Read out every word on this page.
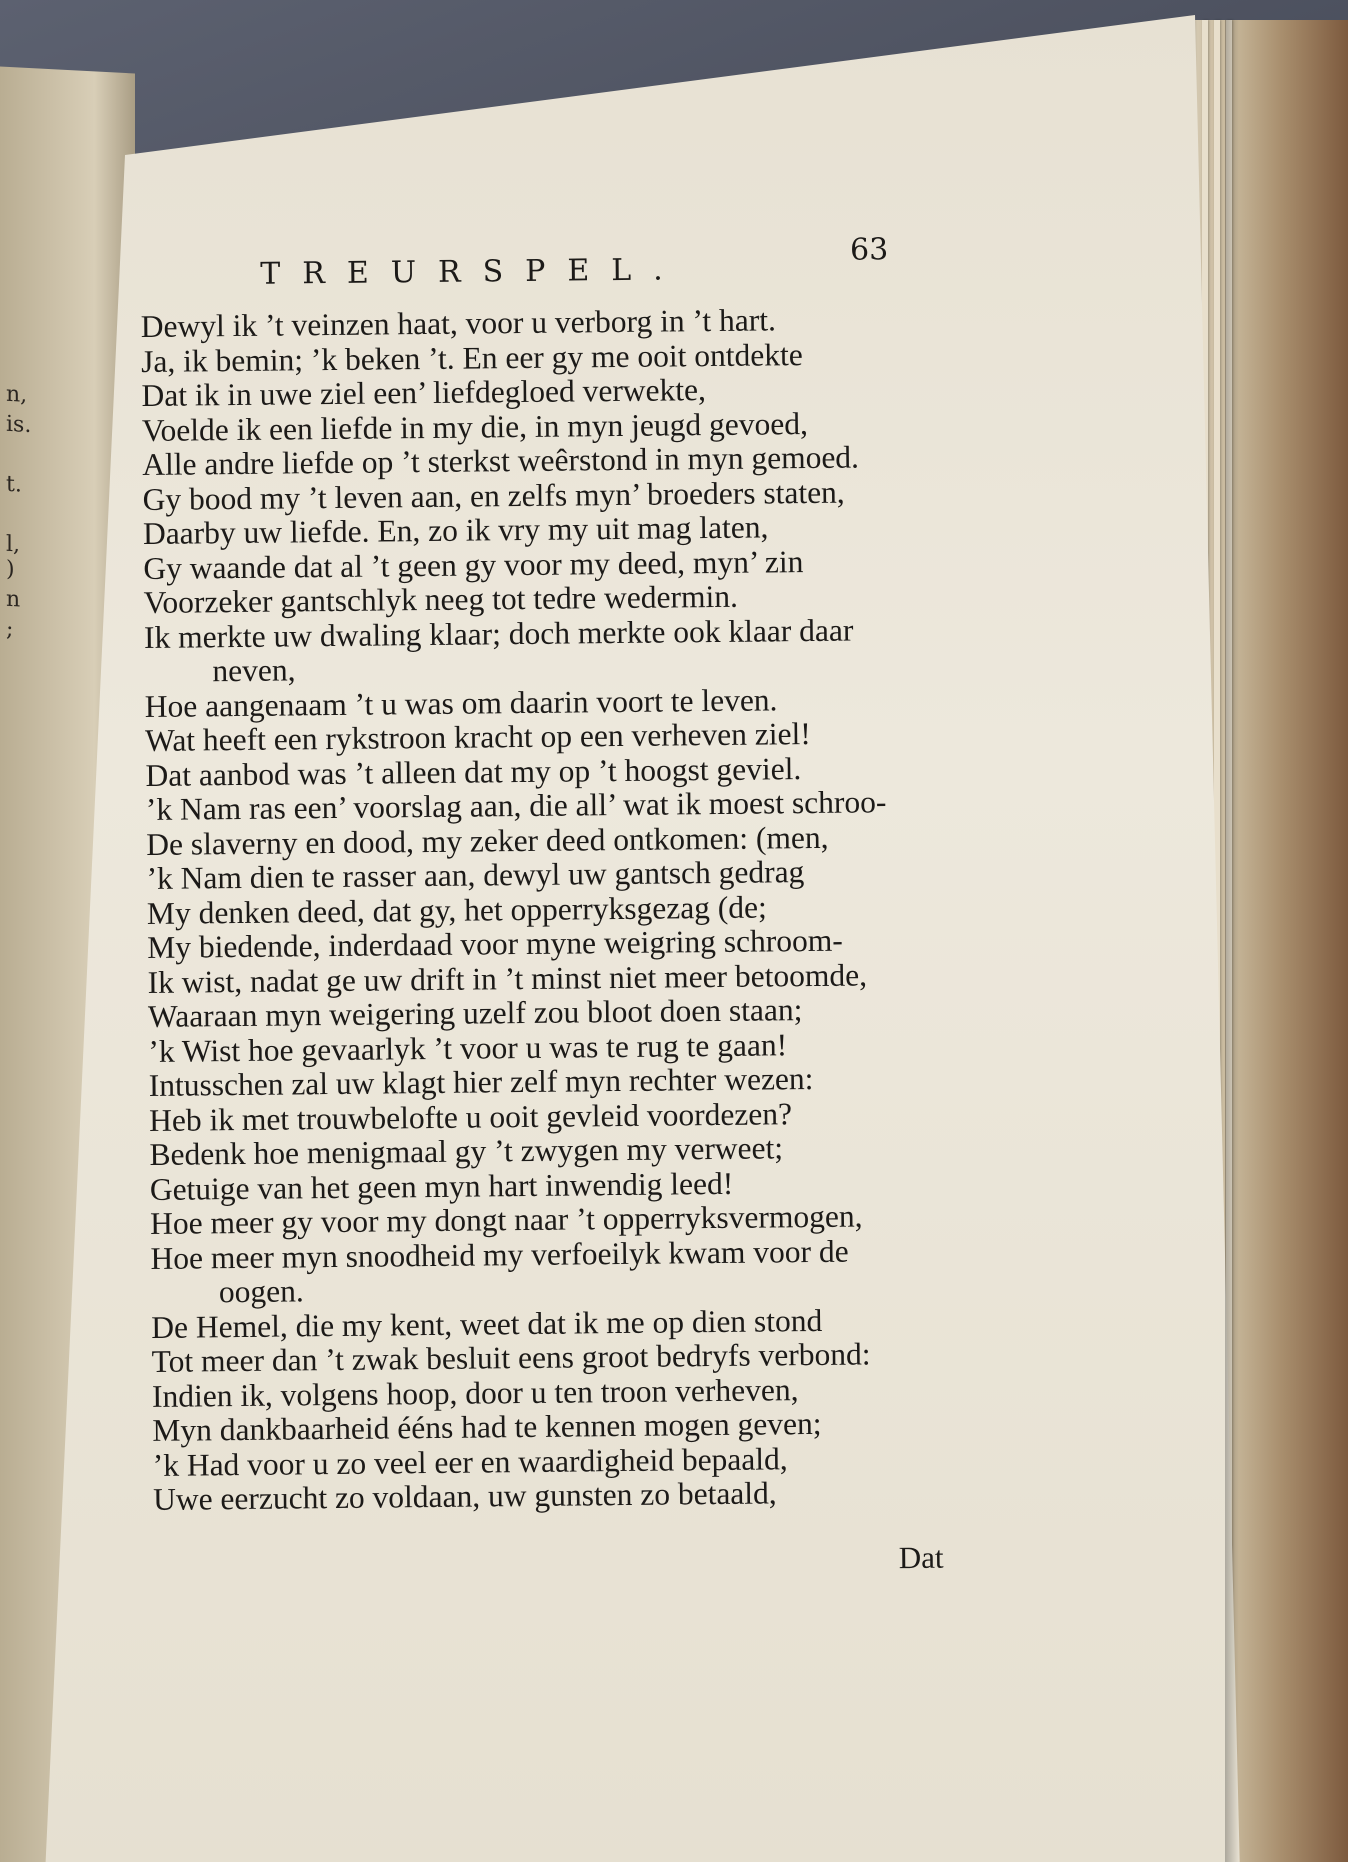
n,
is.
t.
l,
)
n
;
TREURSPEL.
63
Dewyl ik ’t veinzen haat, voor u verborg in ’t hart.
Ja, ik bemin; ’k beken ’t. En eer gy me ooit ontdekte
Dat ik in uwe ziel een’ liefdegloed verwekte,
Voelde ik een liefde in my die, in myn jeugd gevoed,
Alle andre liefde op ’t sterkst weêrstond in myn gemoed.
Gy bood my ’t leven aan, en zelfs myn’ broeders staten,
Daarby uw liefde. En, zo ik vry my uit mag laten,
Gy waande dat al ’t geen gy voor my deed, myn’ zin
Voorzeker gantschlyk neeg tot tedre wedermin.
Ik merkte uw dwaling klaar; doch merkte ook klaar daar
neven,
Hoe aangenaam ’t u was om daarin voort te leven.
Wat heeft een rykstroon kracht op een verheven ziel!
Dat aanbod was ’t alleen dat my op ’t hoogst geviel.
’k Nam ras een’ voorslag aan, die all’ wat ik moest schroo-
De slaverny en dood, my zeker deed ontkomen: (men,
’k Nam dien te rasser aan, dewyl uw gantsch gedrag
My denken deed, dat gy, het opperryksgezag (de;
My biedende, inderdaad voor myne weigring schroom-
Ik wist, nadat ge uw drift in ’t minst niet meer betoomde,
Waaraan myn weigering uzelf zou bloot doen staan;
’k Wist hoe gevaarlyk ’t voor u was te rug te gaan!
Intusschen zal uw klagt hier zelf myn rechter wezen:
Heb ik met trouwbelofte u ooit gevleid voordezen?
Bedenk hoe menigmaal gy ’t zwygen my verweet;
Getuige van het geen myn hart inwendig leed!
Hoe meer gy voor my dongt naar ’t opperryksvermogen,
Hoe meer myn snoodheid my verfoeilyk kwam voor de
oogen.
De Hemel, die my kent, weet dat ik me op dien stond
Tot meer dan ’t zwak besluit eens groot bedryfs verbond:
Indien ik, volgens hoop, door u ten troon verheven,
Myn dankbaarheid ééns had te kennen mogen geven;
’k Had voor u zo veel eer en waardigheid bepaald,
Uwe eerzucht zo voldaan, uw gunsten zo betaald,
Dat
